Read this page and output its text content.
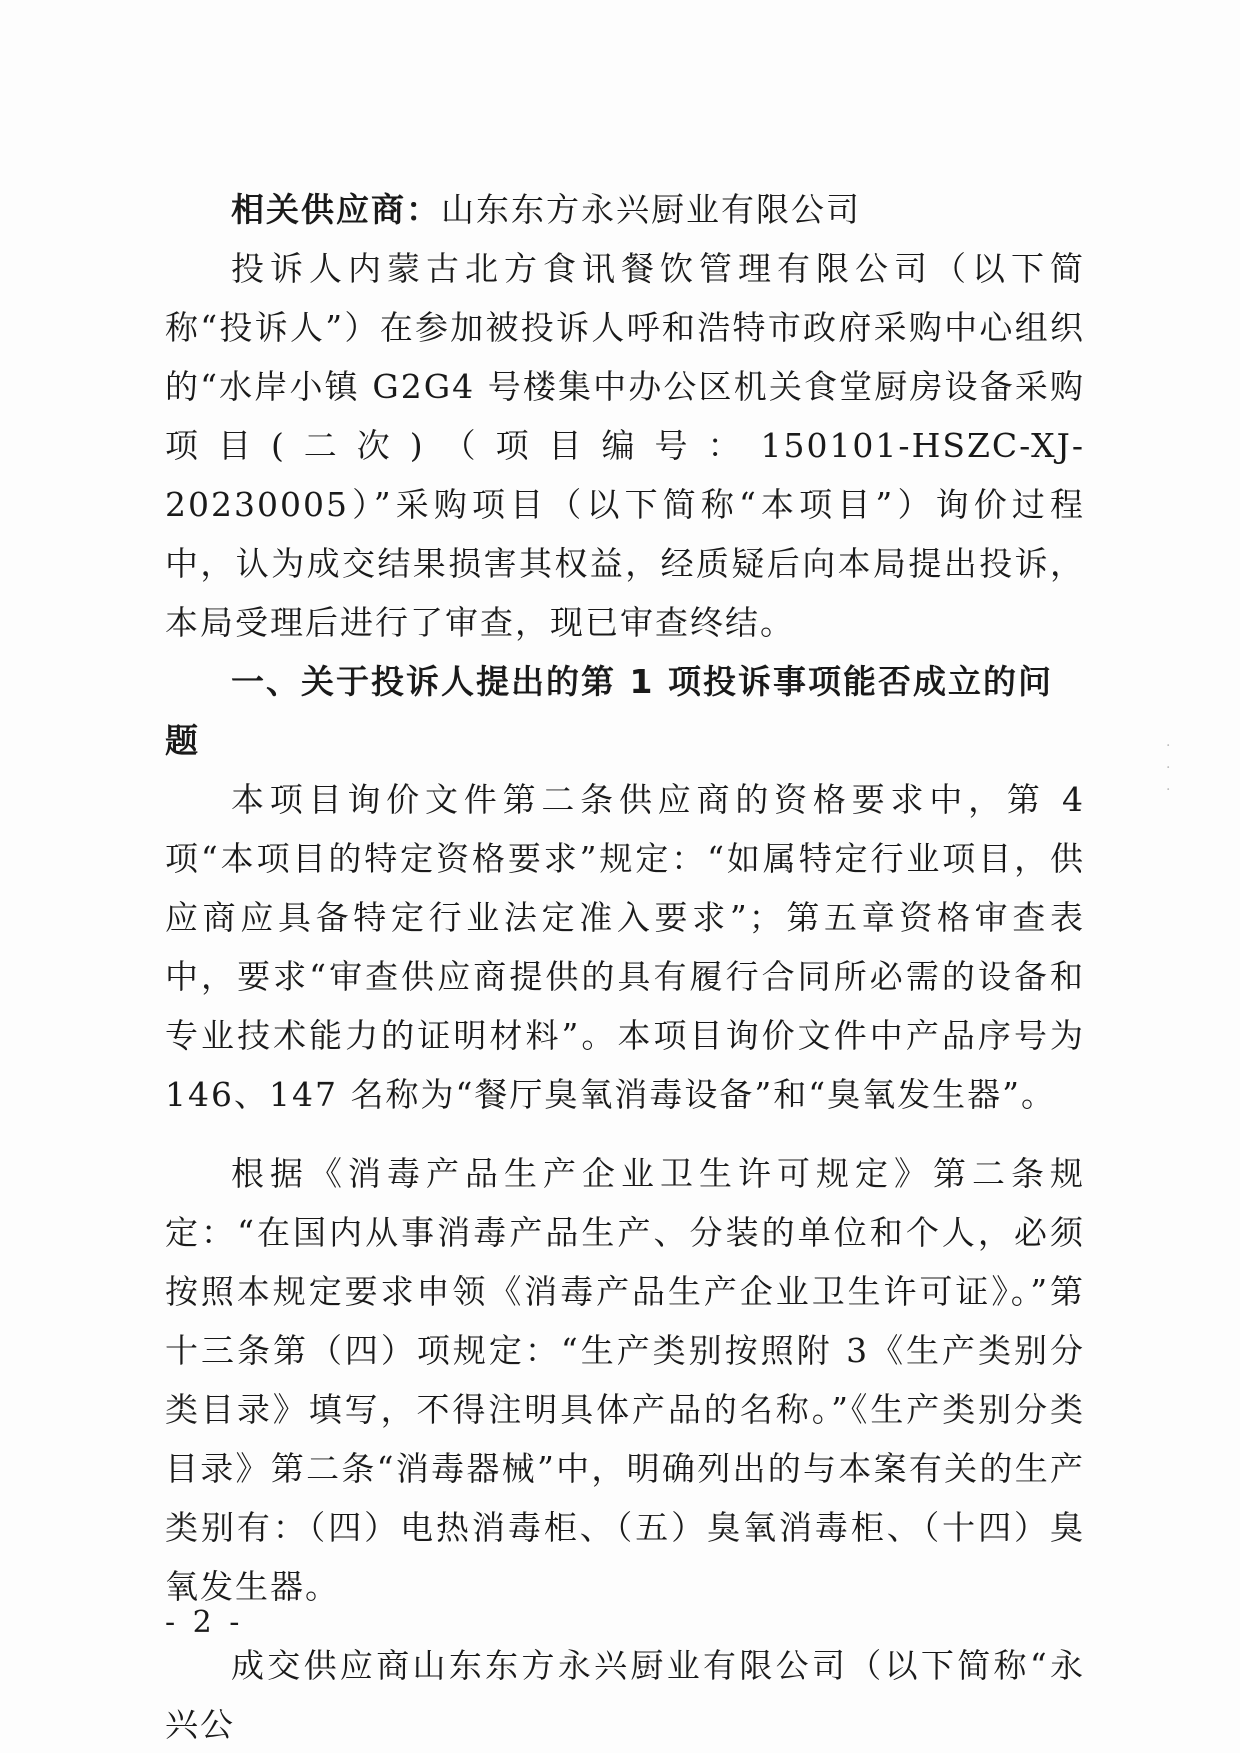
相关供应商：山东东方永兴厨业有限公司

投诉人内蒙古北方食讯餐饮管理有限公司（以下简称“投诉人”）在参加被投诉人呼和浩特市政府采购中心组织的“水岸小镇 G2G4 号楼集中办公区机关食堂厨房设备采购项目(二次)（项目编号：150101-HSZC-XJ-20230005）”采购项目（以下简称“本项目”）询价过程中，认为成交结果损害其权益，经质疑后向本局提出投诉，本局受理后进行了审查，现已审查终结。

一、关于投诉人提出的第 1 项投诉事项能否成立的问题

本项目询价文件第二条供应商的资格要求中，第 4 项“本项目的特定资格要求”规定：“如属特定行业项目，供应商应具备特定行业法定准入要求”；第五章资格审查表中，要求“审查供应商提供的具有履行合同所必需的设备和专业技术能力的证明材料”。本项目询价文件中产品序号为 146、147 名称为“餐厅臭氧消毒设备”和“臭氧发生器”。

根据《消毒产品生产企业卫生许可规定》第二条规定：“在国内从事消毒产品生产、分装的单位和个人，必须按照本规定要求申领《消毒产品生产企业卫生许可证》。”第十三条第（四）项规定：“生产类别按照附 3《生产类别分类目录》填写，不得注明具体产品的名称。”《生产类别分类目录》第二条“消毒器械”中，明确列出的与本案有关的生产类别有：（四）电热消毒柜、（五）臭氧消毒柜、（十四）臭氧发生器。

成交供应商山东东方永兴厨业有限公司（以下简称“永兴公

·
·
·
- 2 -
